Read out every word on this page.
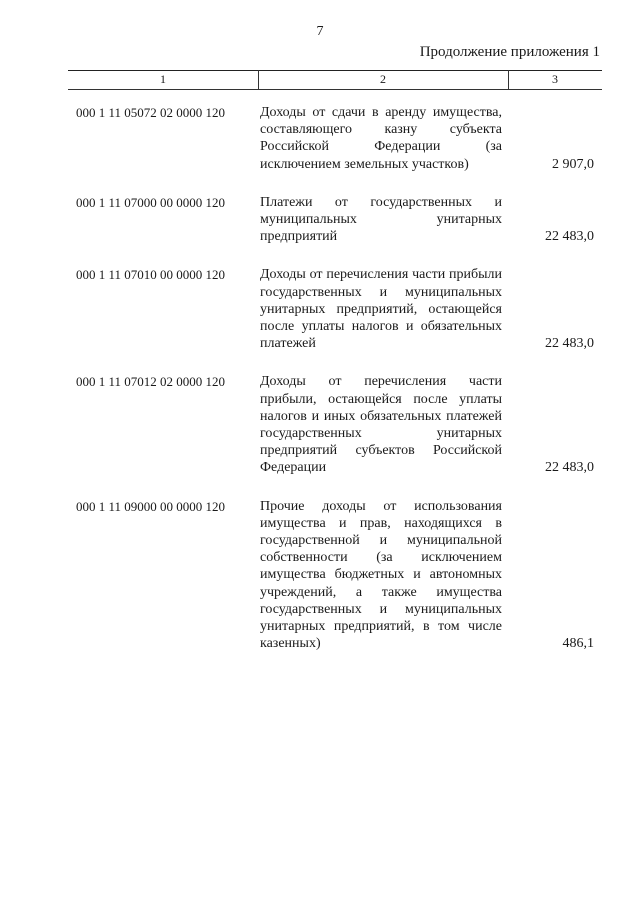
7
Продолжение приложения 1
1	2	3
000 1 11 05072 02 0000 120	Доходы от сдачи в аренду имущества, составляющего казну субъекта Российской Федерации (за исключением земельных участков)	2 907,0
000 1 11 07000 00 0000 120	Платежи от государственных и муниципальных унитарных предприятий	22 483,0
000 1 11 07010 00 0000 120	Доходы от перечисления части прибыли государственных и муниципальных унитарных предприятий, остающейся после уплаты налогов и обязательных платежей	22 483,0
000 1 11 07012 02 0000 120	Доходы от перечисления части прибыли, остающейся после уплаты налогов и иных обязательных платежей государственных унитарных предприятий субъектов Российской Федерации	22 483,0
000 1 11 09000 00 0000 120	Прочие доходы от использования имущества и прав, находящихся в государственной и муниципальной собственности (за исключением имущества бюджетных и автономных учреждений, а также имущества государственных и муниципальных унитарных предприятий, в том числе казенных)	486,1
